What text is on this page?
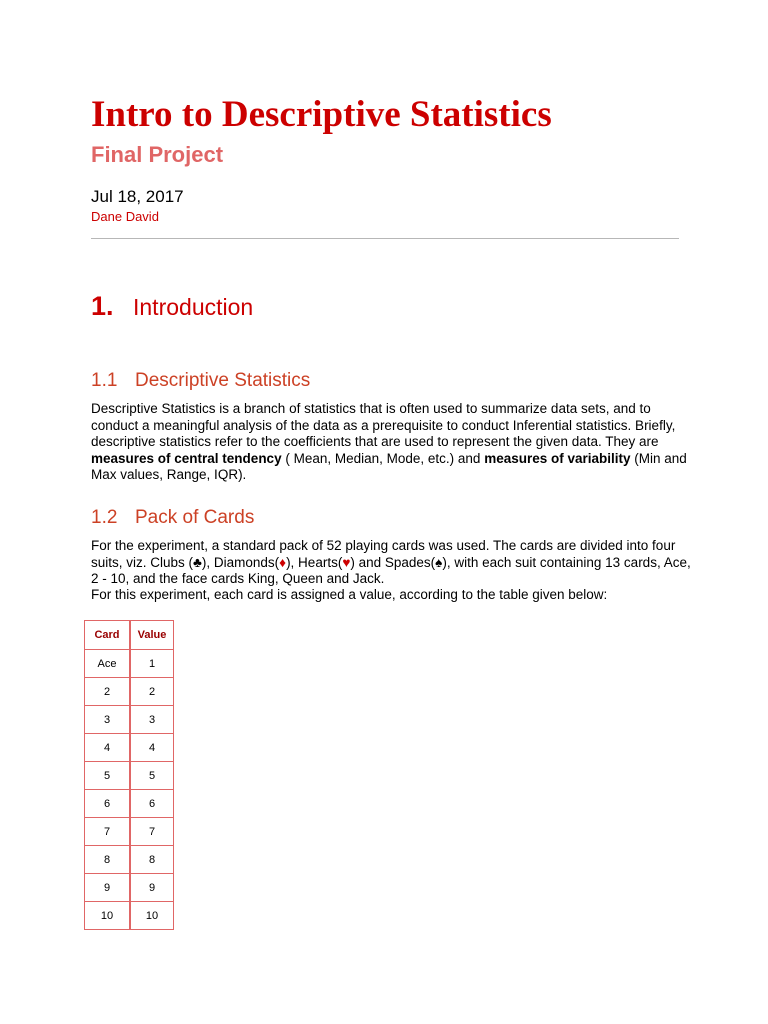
Intro to Descriptive Statistics
Final Project
Jul 18, 2017
Dane David
1. Introduction
1.1 Descriptive Statistics

Descriptive Statistics is a branch of statistics that is often used to summarize data sets, and to conduct a meaningful analysis of the data as a prerequisite to conduct Inferential statistics. Briefly, descriptive statistics refer to the coefficients that are used to represent the given data. They are measures of central tendency ( Mean, Median, Mode, etc.) and measures of variability (Min and Max values, Range, IQR).

1.2 Pack of Cards

For the experiment, a standard pack of 52 playing cards was used. The cards are divided into four suits, viz. Clubs (♣), Diamonds(♦), Hearts(♥) and Spades(♠), with each suit containing 13 cards, Ace, 2 - 10, and the face cards King, Queen and Jack.

For this experiment, each card is assigned a value, according to the table given below:

Card	Value
Ace	1
2	2
3	3
4	4
5	5
6	6
7	7
8	8
9	9
10	10
